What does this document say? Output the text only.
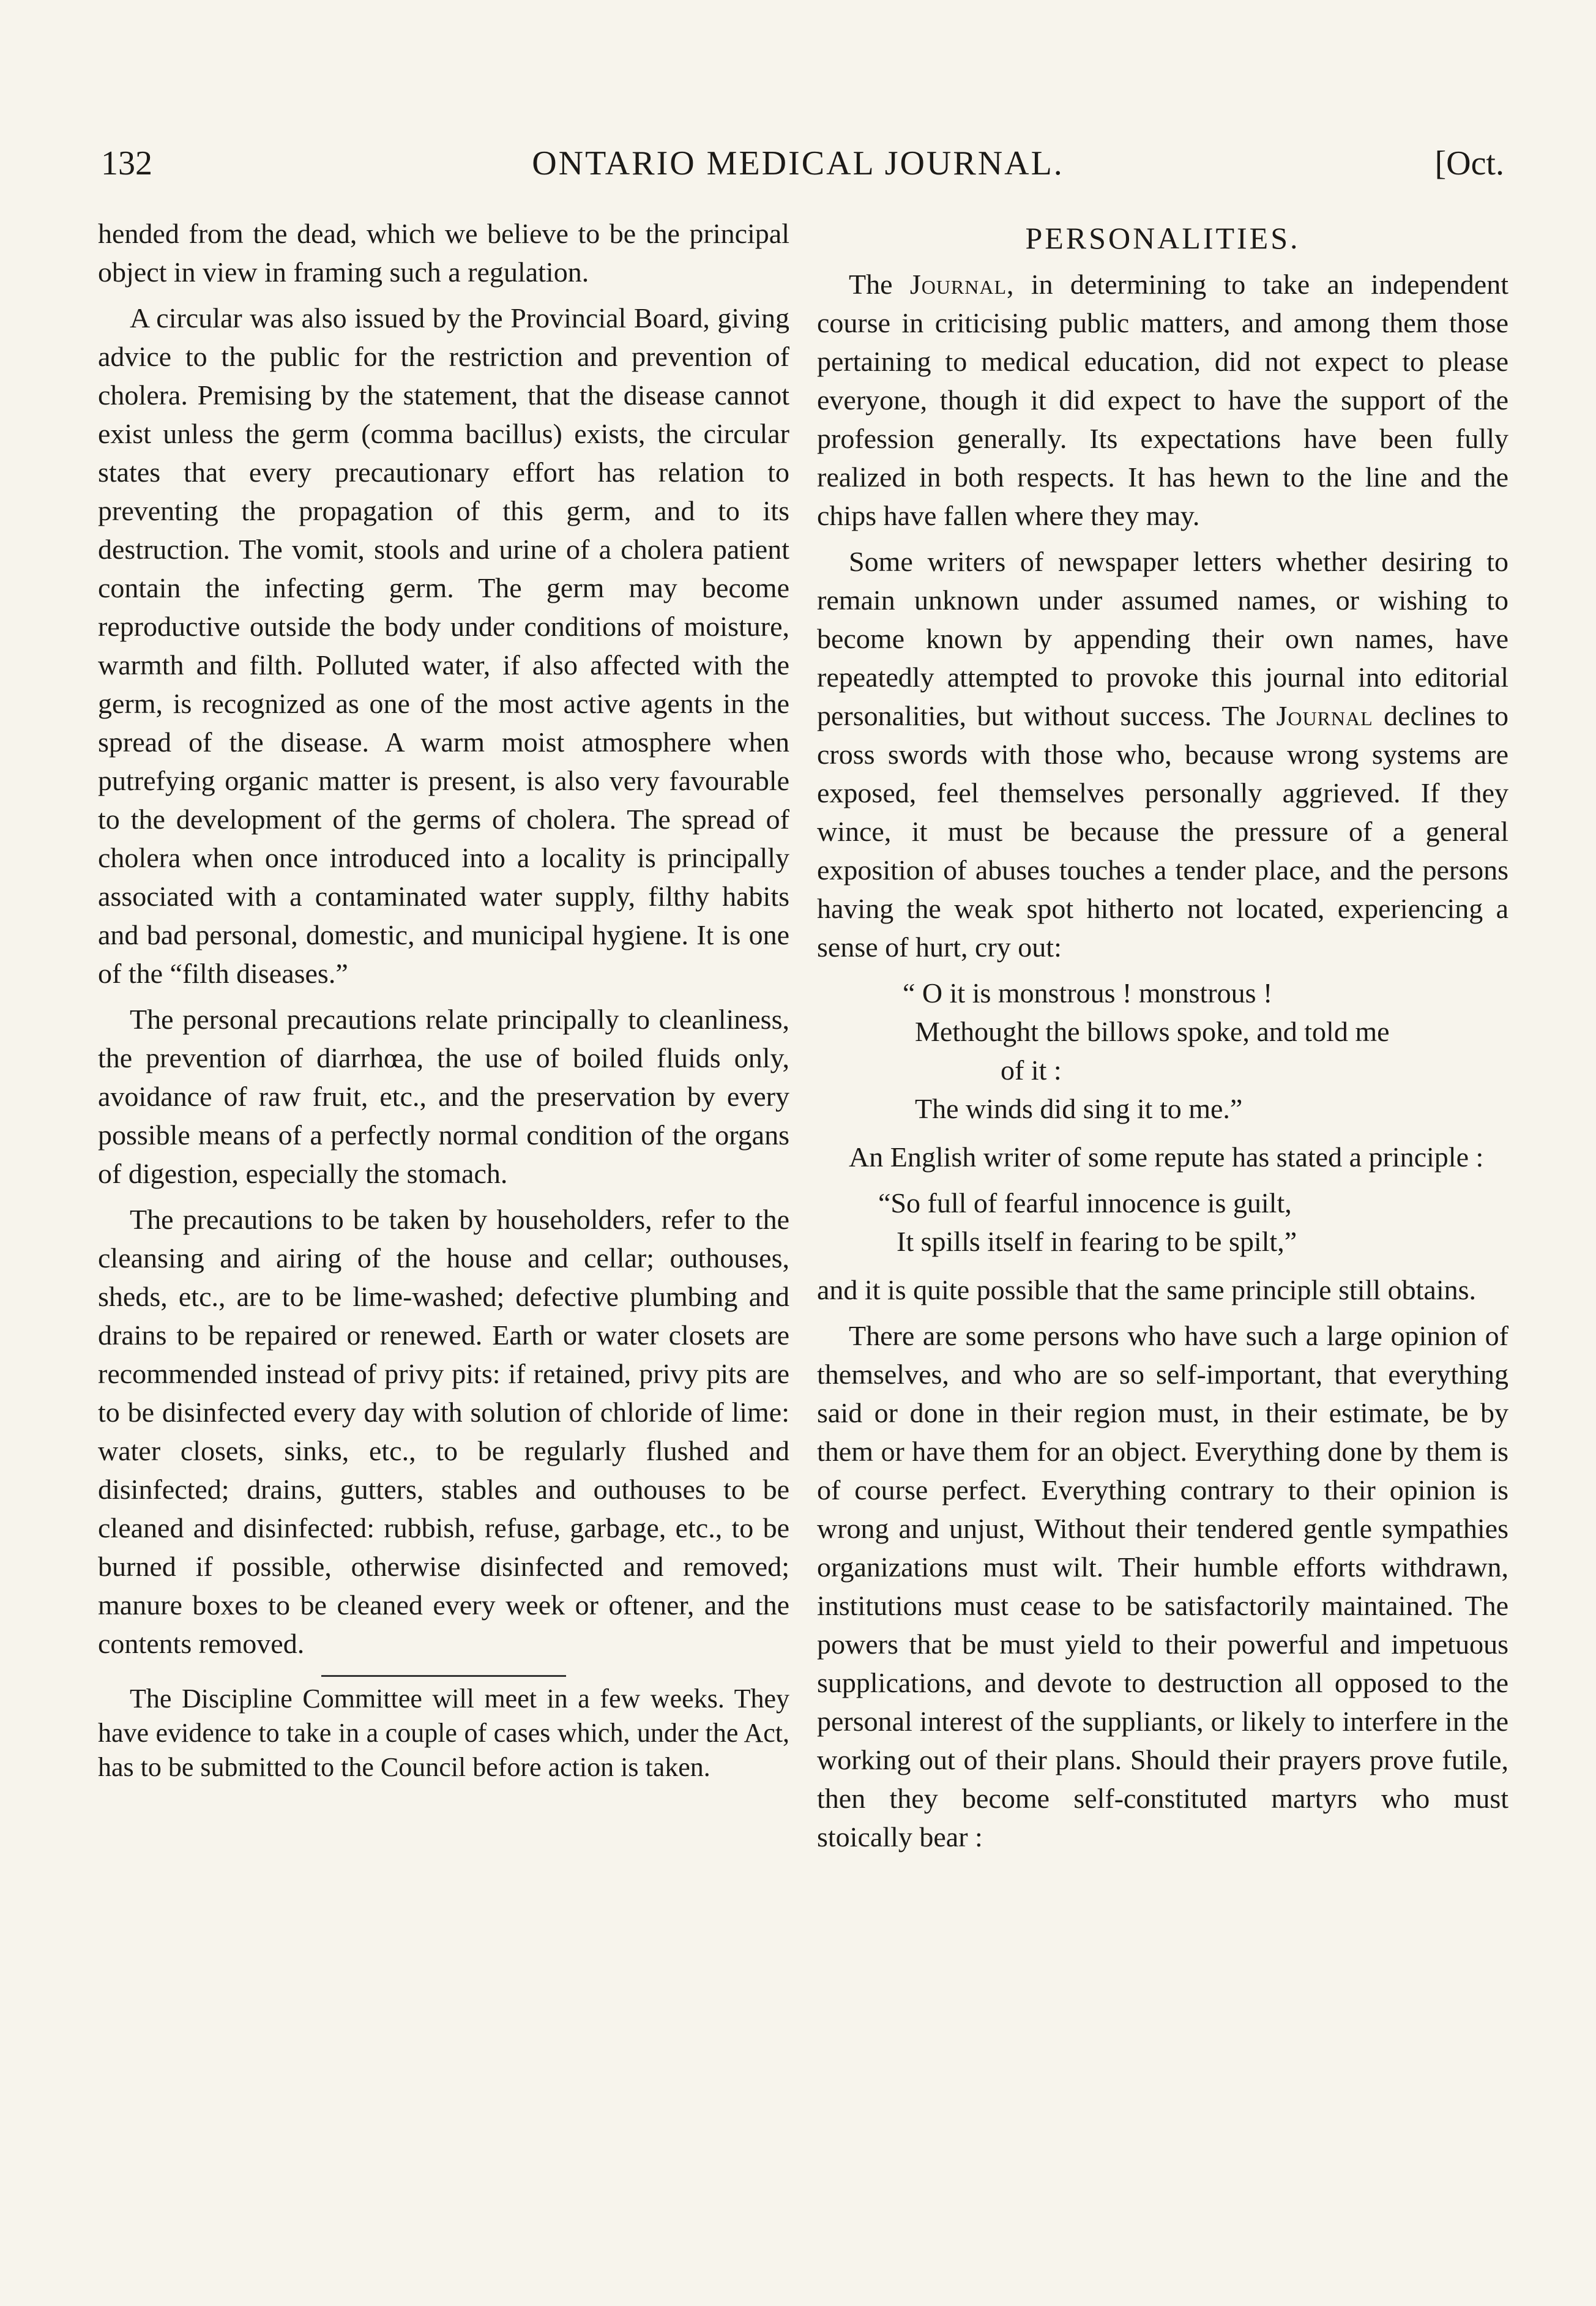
ONTARIO MEDICAL JOURNAL.
132	[Oct.

hended from the dead, which we believe to be the principal object in view in framing such a regulation.

A circular was also issued by the Provincial Board, giving advice to the public for the restriction and prevention of cholera. Premising by the statement, that the disease cannot exist unless the germ (comma bacillus) exists, the circular states that every precautionary effort has relation to preventing the propagation of this germ, and to its destruction. The vomit, stools and urine of a cholera patient contain the infecting germ. The germ may become reproductive outside the body under conditions of moisture, warmth and filth. Polluted water, if also affected with the germ, is recognized as one of the most active agents in the spread of the disease. A warm moist atmosphere when putrefying organic matter is present, is also very favourable to the development of the germs of cholera. The spread of cholera when once introduced into a locality is principally associated with a contaminated water supply, filthy habits and bad personal, domestic, and municipal hygiene. It is one of the “filth diseases.”

The personal precautions relate principally to cleanliness, the prevention of diarrhœa, the use of boiled fluids only, avoidance of raw fruit, etc., and the preservation by every possible means of a perfectly normal condition of the organs of digestion, especially the stomach.

The precautions to be taken by householders, refer to the cleansing and airing of the house and cellar; outhouses, sheds, etc., are to be lime-washed; defective plumbing and drains to be repaired or renewed. Earth or water closets are recommended instead of privy pits: if retained, privy pits are to be disinfected every day with solution of chloride of lime: water closets, sinks, etc., to be regularly flushed and disinfected; drains, gutters, stables and outhouses to be cleaned and disinfected: rubbish, refuse, garbage, etc., to be burned if possible, otherwise disinfected and removed; manure boxes to be cleaned every week or oftener, and the contents removed.

The Discipline Committee will meet in a few weeks. They have evidence to take in a couple of cases which, under the Act, has to be submitted to the Council before action is taken.

PERSONALITIES.

The Journal, in determining to take an independent course in criticising public matters, and among them those pertaining to medical education, did not expect to please everyone, though it did expect to have the support of the profession generally. Its expectations have been fully realized in both respects. It has hewn to the line and the chips have fallen where they may.

Some writers of newspaper letters whether desiring to remain unknown under assumed names, or wishing to become known by appending their own names, have repeatedly attempted to provoke this journal into editorial personalities, but without success. The Journal declines to cross swords with those who, because wrong systems are exposed, feel themselves personally aggrieved. If they wince, it must be because the pressure of a general exposition of abuses touches a tender place, and the persons having the weak spot hitherto not located, experiencing a sense of hurt, cry out:

“ O it is monstrous ! monstrous !
Methought the billows spoke, and told me
of it :
The winds did sing it to me.”

An English writer of some repute has stated a principle :

“So full of fearful innocence is guilt,
It spills itself in fearing to be spilt,”

and it is quite possible that the same principle still obtains.

There are some persons who have such a large opinion of themselves, and who are so self-important, that everything said or done in their region must, in their estimate, be by them or have them for an object. Everything done by them is of course perfect. Everything contrary to their opinion is wrong and unjust, Without their tendered gentle sympathies organizations must wilt. Their humble efforts withdrawn, institutions must cease to be satisfactorily maintained. The powers that be must yield to their powerful and impetuous supplications, and devote to destruction all opposed to the personal interest of the suppliants, or likely to interfere in the working out of their plans. Should their prayers prove futile, then they become self-constituted martyrs who must stoically bear :
